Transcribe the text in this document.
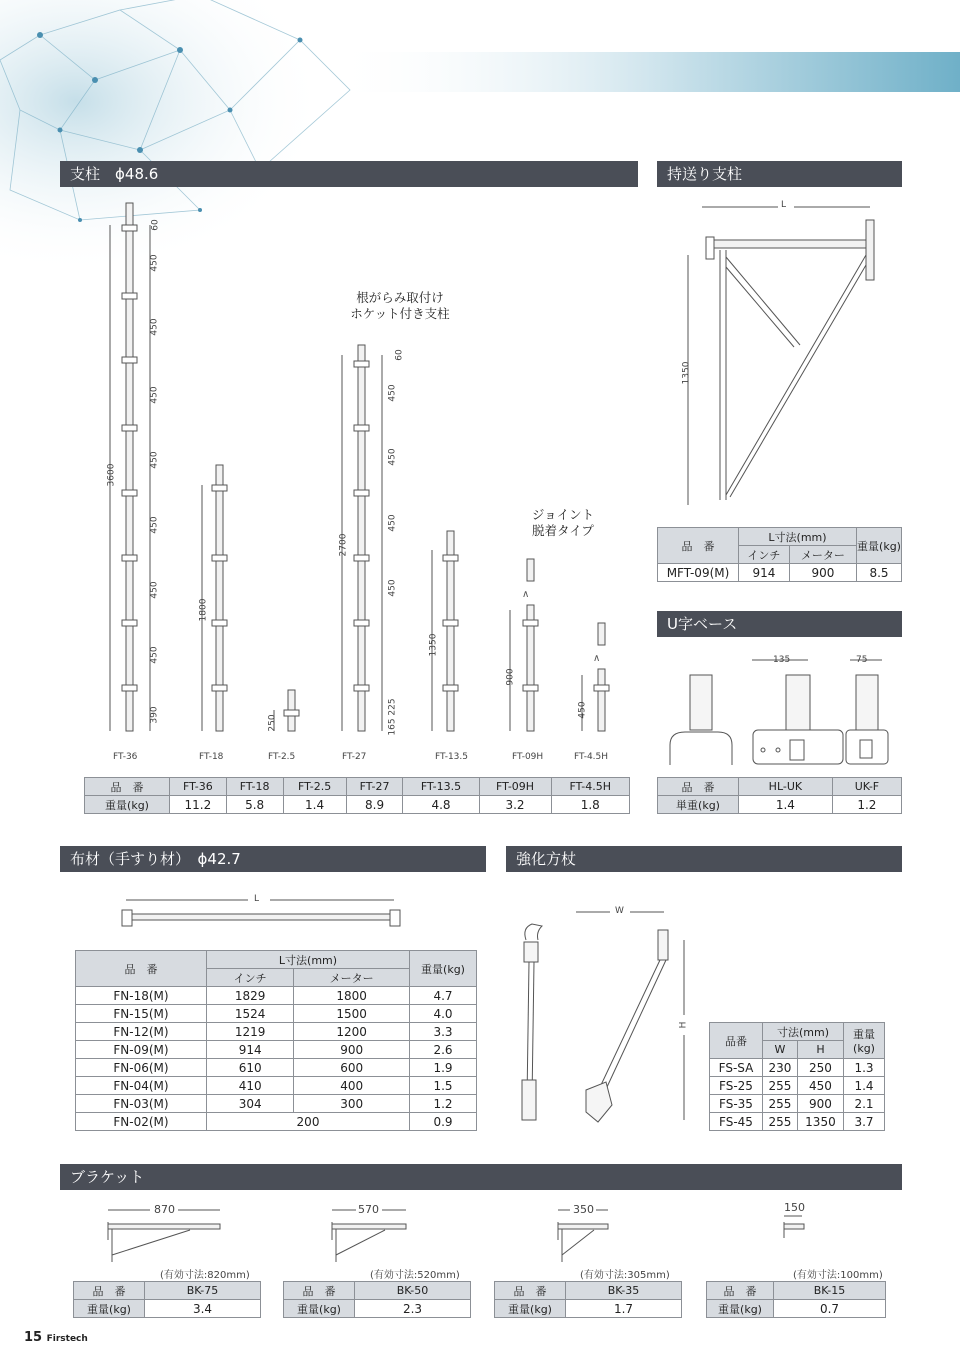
支柱　ϕ48.6	持送り支柱
U字ベース
布材（手すり材）　ϕ42.7	強化方杖
ブラケット
∧
∧
3600
60
450
450
450
450
450
450
450
390
1800
250
2700
60
450
450
450
450
225
165
1350
900
450
根がらみ取付け
ホケット付き支柱
ジョイント
脱着タイプ
FT-36	FT-18	FT-2.5	FT-27	FT-13.5	FT-09H	FT-4.5H
品　番	FT-36	FT-18	FT-2.5	FT-27	FT-13.5	FT-09H	FT-4.5H
重量(kg)	11.2	5.8	1.4	8.9	4.8	3.2	1.8
L
1350
品　番	L寸法(mm)		重量(kg)
	インチ	メーター	
MFT-09(M)	914	900	8.5
135	75
品　番	HL-UK	UK-F
単重(kg)	1.4	1.2
L
品　番	L寸法(mm)		重量(kg)
	インチ	メーター	
FN-18(M)	1829	1800	4.7
FN-15(M)	1524	1500	4.0
FN-12(M)	1219	1200	3.3
FN-09(M)	914	900	2.6
FN-06(M)	610	600	1.9
FN-04(M)	410	400	1.5
FN-03(M)	304	300	1.2
FN-02(M)	200		0.9
W
H
品番	寸法(mm)		重量(kg)
	W	H	
FS-SA	230	250	1.3
FS-25	255	450	1.4
FS-35	255	900	2.1
FS-45	255	1350	3.7
870	570	350	150
(有効寸法:820mm)	(有効寸法:520mm)	(有効寸法:305mm)	(有効寸法:100mm)
品　番	BK-75
重量(kg)	3.4
品　番	BK-50
重量(kg)	2.3
品　番	BK-35
重量(kg)	1.7
品　番	BK-15
重量(kg)	0.7
15 Firstech
